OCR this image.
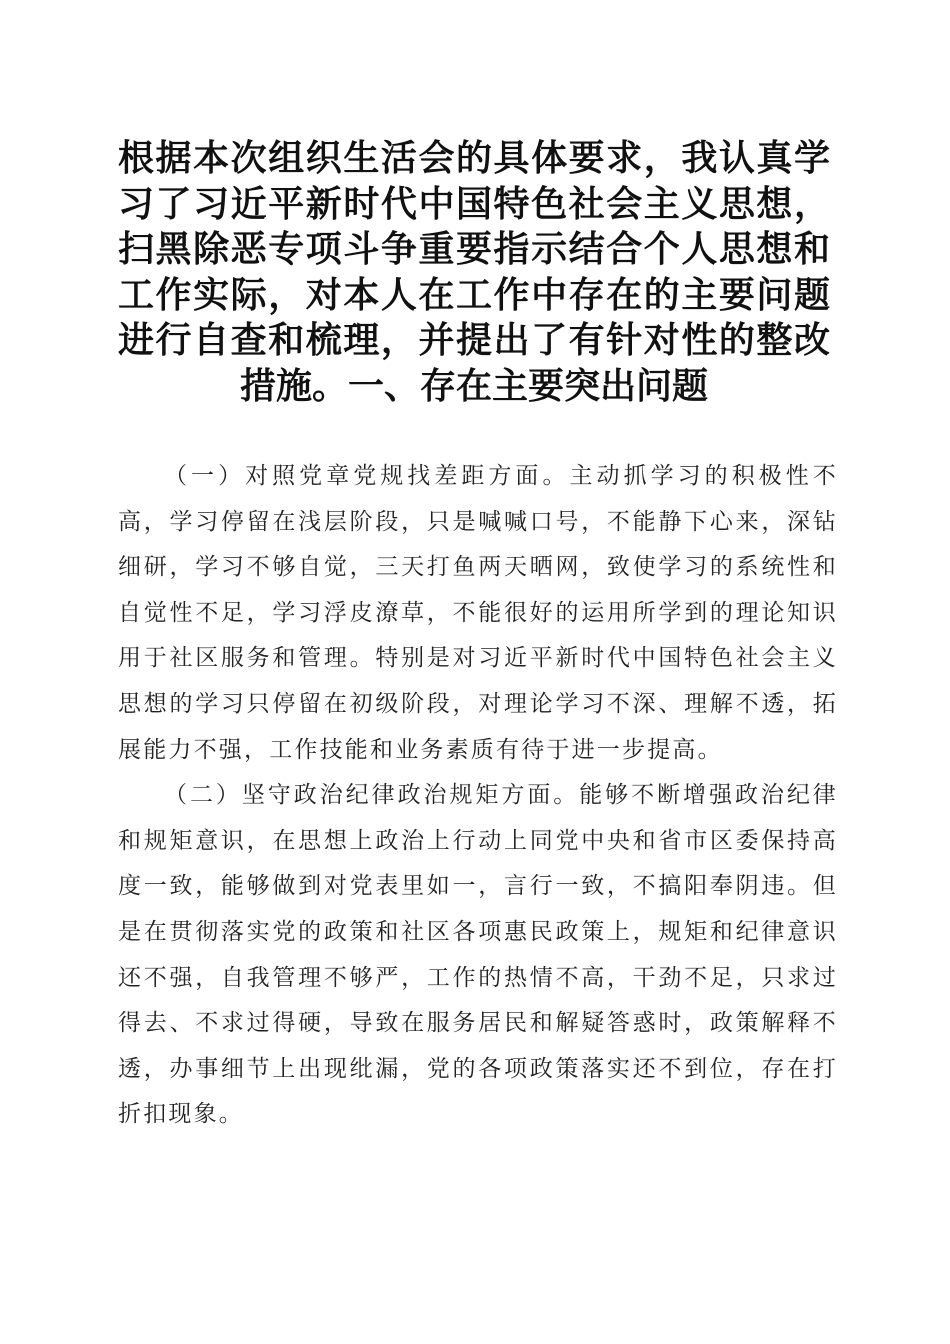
根据本次组织生活会的具体要求，我认真学习了习近平新时代中国特色社会主义思想，扫黑除恶专项斗争重要指示结合个人思想和工作实际，对本人在工作中存在的主要问题进行自查和梳理，并提出了有针对性的整改措施。一、存在主要突出问题

（一）对照党章党规找差距方面。主动抓学习的积极性不高，学习停留在浅层阶段，只是喊喊口号，不能静下心来，深钻细研，学习不够自觉，三天打鱼两天晒网，致使学习的系统性和自觉性不足，学习浮皮潦草，不能很好的运用所学到的理论知识用于社区服务和管理。特别是对习近平新时代中国特色社会主义思想的学习只停留在初级阶段，对理论学习不深、理解不透，拓展能力不强，工作技能和业务素质有待于进一步提高。

（二）坚守政治纪律政治规矩方面。能够不断增强政治纪律和规矩意识，在思想上政治上行动上同党中央和省市区委保持高度一致，能够做到对党表里如一，言行一致，不搞阳奉阴违。但是在贯彻落实党的政策和社区各项惠民政策上，规矩和纪律意识还不强，自我管理不够严，工作的热情不高，干劲不足，只求过得去、不求过得硬，导致在服务居民和解疑答惑时，政策解释不透，办事细节上出现纰漏，党的各项政策落实还不到位，存在打折扣现象。
